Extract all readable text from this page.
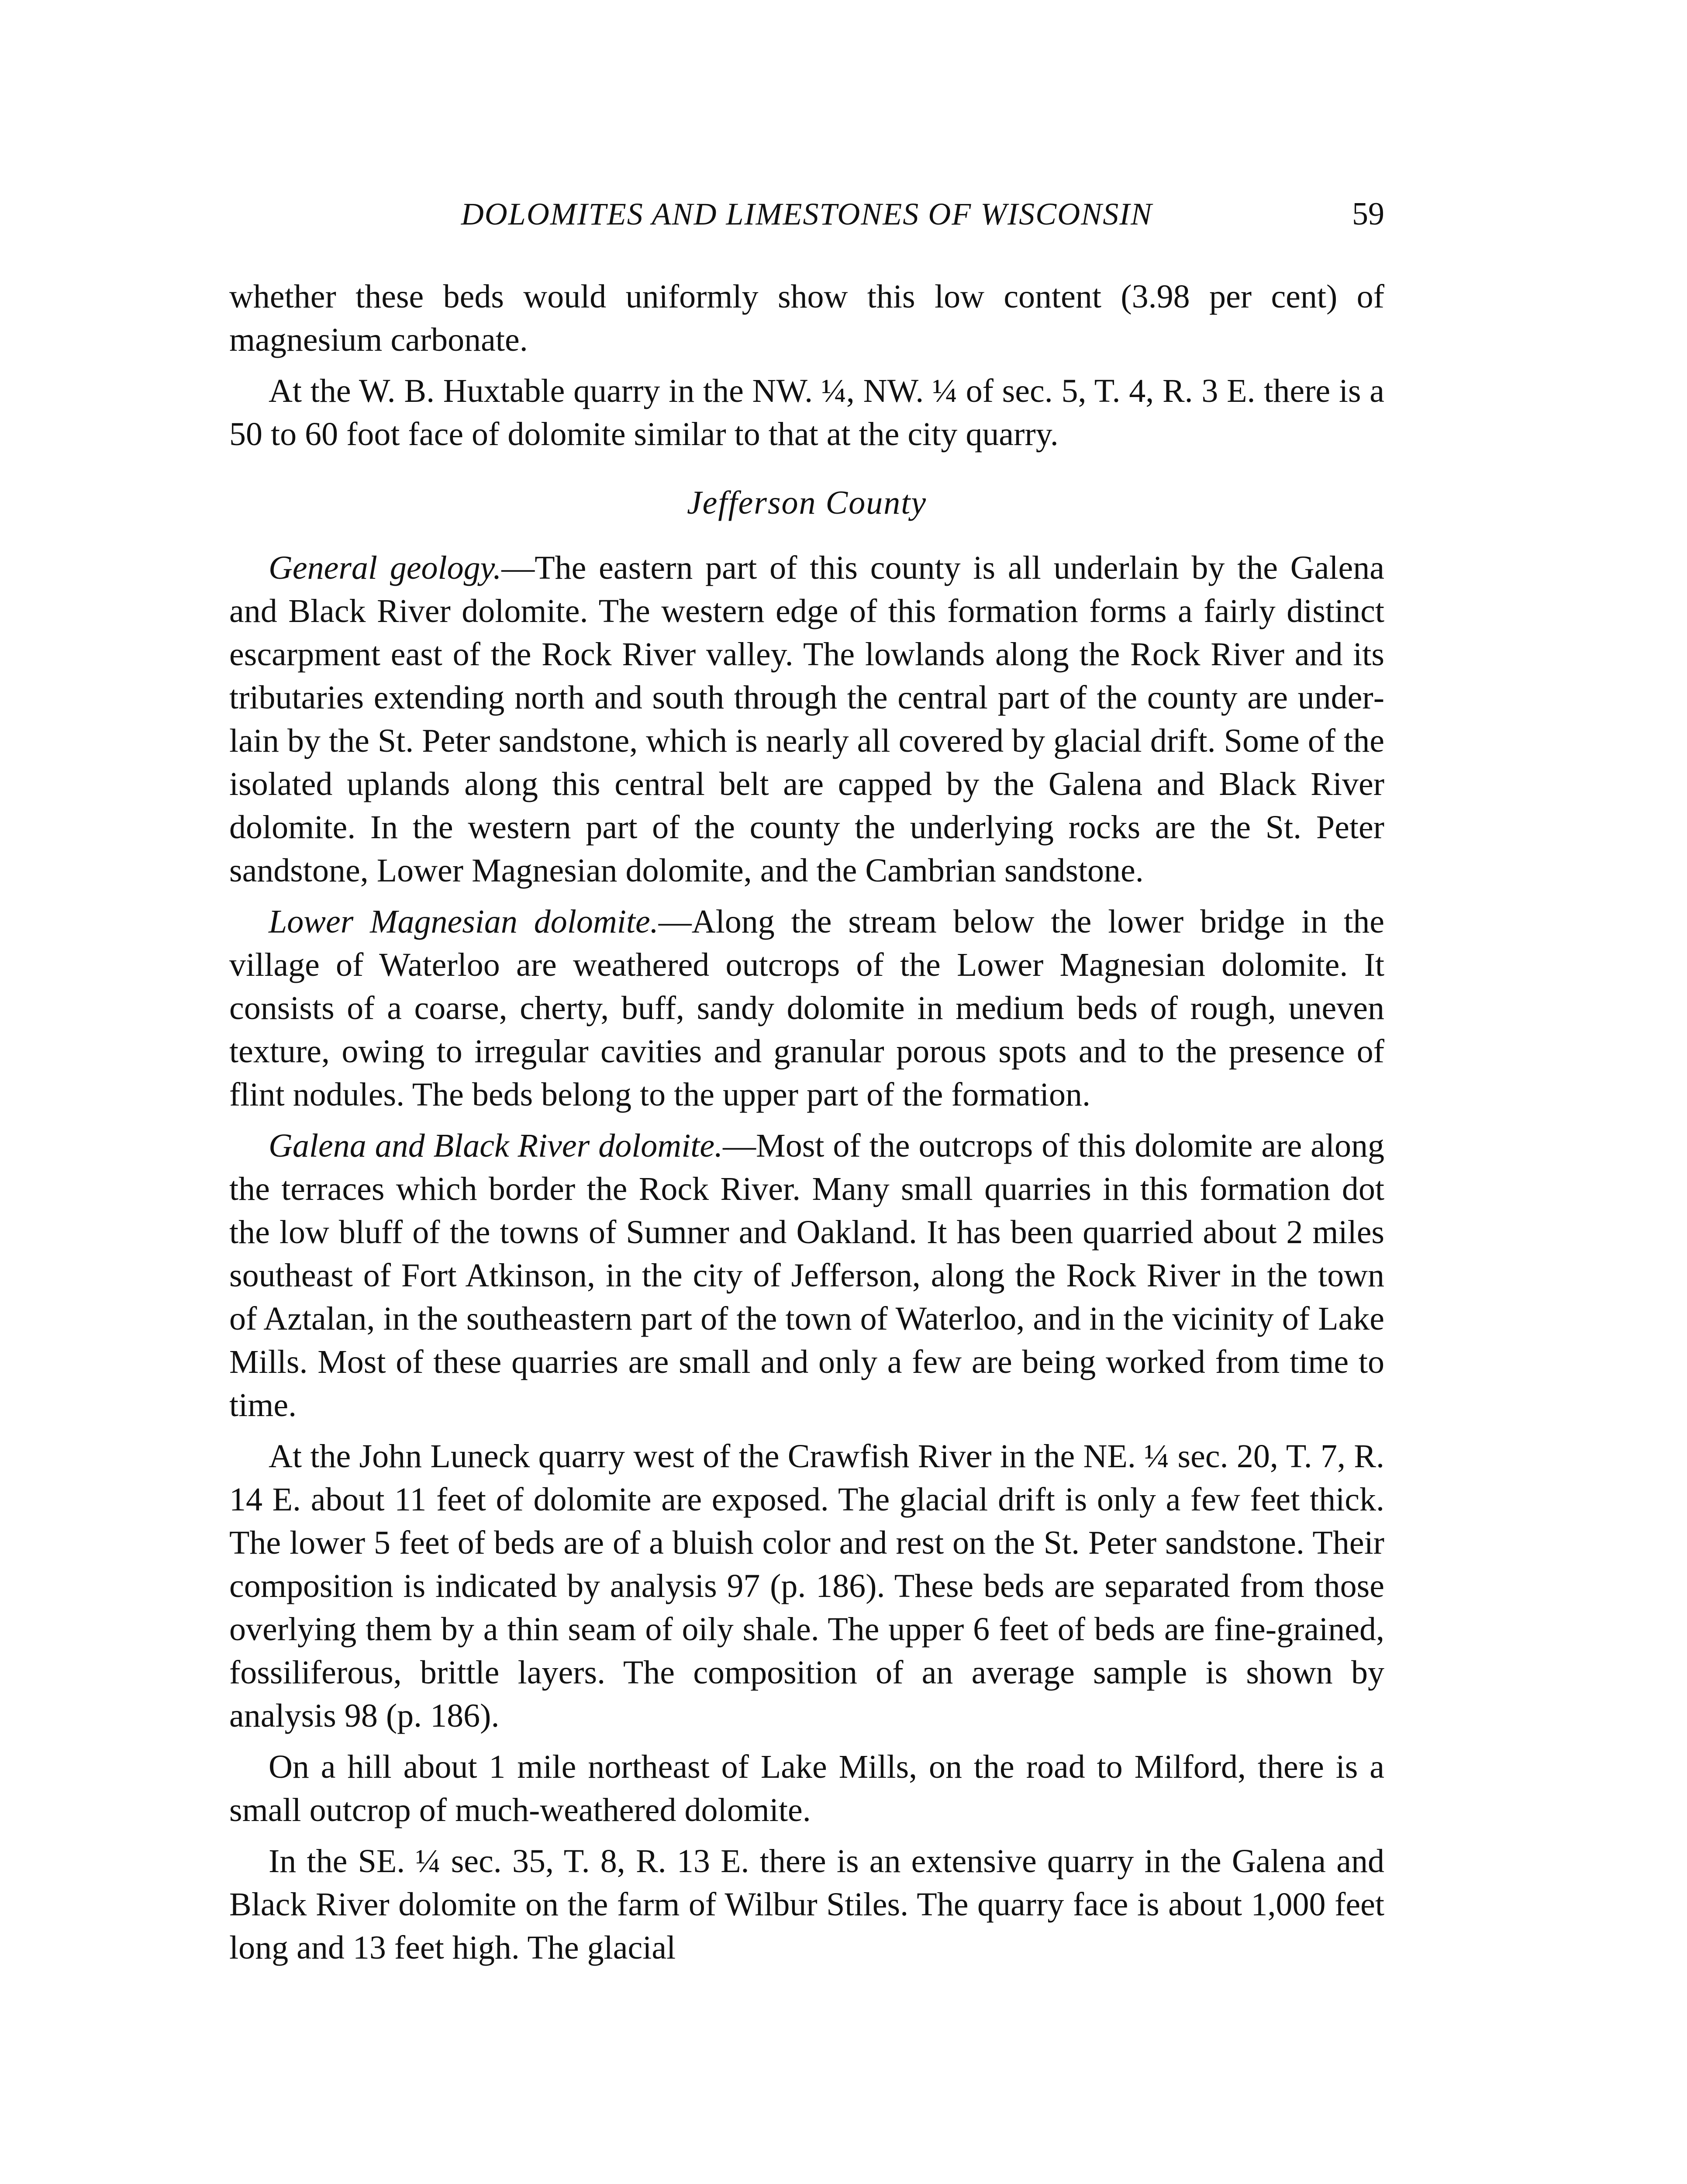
DOLOMITES AND LIMESTONES OF WISCONSIN	59

whether these beds would uniformly show this low content (3.98 per cent) of magnesium carbonate.

At the W. B. Huxtable quarry in the NW. ¼, NW. ¼ of sec. 5, T. 4, R. 3 E. there is a 50 to 60 foot face of dolomite similar to that at the city quarry.

Jefferson County

General geology.—The eastern part of this county is all underlain by the Galena and Black River dolomite. The western edge of this formation forms a fairly distinct escarpment east of the Rock River valley. The lowlands along the Rock River and its tributaries extending north and south through the central part of the county are underlain by the St. Peter sandstone, which is nearly all covered by glacial drift. Some of the isolated uplands along this central belt are capped by the Galena and Black River dolomite. In the western part of the county the underlying rocks are the St. Peter sandstone, Lower Magnesian dolomite, and the Cambrian sandstone.

Lower Magnesian dolomite.—Along the stream below the lower bridge in the village of Waterloo are weathered outcrops of the Lower Magnesian dolomite. It consists of a coarse, cherty, buff, sandy dolomite in medium beds of rough, uneven texture, owing to irregular cavities and granular porous spots and to the presence of flint nodules. The beds belong to the upper part of the formation.

Galena and Black River dolomite.—Most of the outcrops of this dolomite are along the terraces which border the Rock River. Many small quarries in this formation dot the low bluff of the towns of Sumner and Oakland. It has been quarried about 2 miles southeast of Fort Atkinson, in the city of Jefferson, along the Rock River in the town of Aztalan, in the southeastern part of the town of Waterloo, and in the vicinity of Lake Mills. Most of these quarries are small and only a few are being worked from time to time.

At the John Luneck quarry west of the Crawfish River in the NE. ¼ sec. 20, T. 7, R. 14 E. about 11 feet of dolomite are exposed. The glacial drift is only a few feet thick. The lower 5 feet of beds are of a bluish color and rest on the St. Peter sandstone. Their composition is indicated by analysis 97 (p. 186). These beds are separated from those overlying them by a thin seam of oily shale. The upper 6 feet of beds are fine-grained, fossiliferous, brittle layers. The composition of an average sample is shown by analysis 98 (p. 186).

On a hill about 1 mile northeast of Lake Mills, on the road to Milford, there is a small outcrop of much-weathered dolomite.

In the SE. ¼ sec. 35, T. 8, R. 13 E. there is an extensive quarry in the Galena and Black River dolomite on the farm of Wilbur Stiles. The quarry face is about 1,000 feet long and 13 feet high. The glacial
